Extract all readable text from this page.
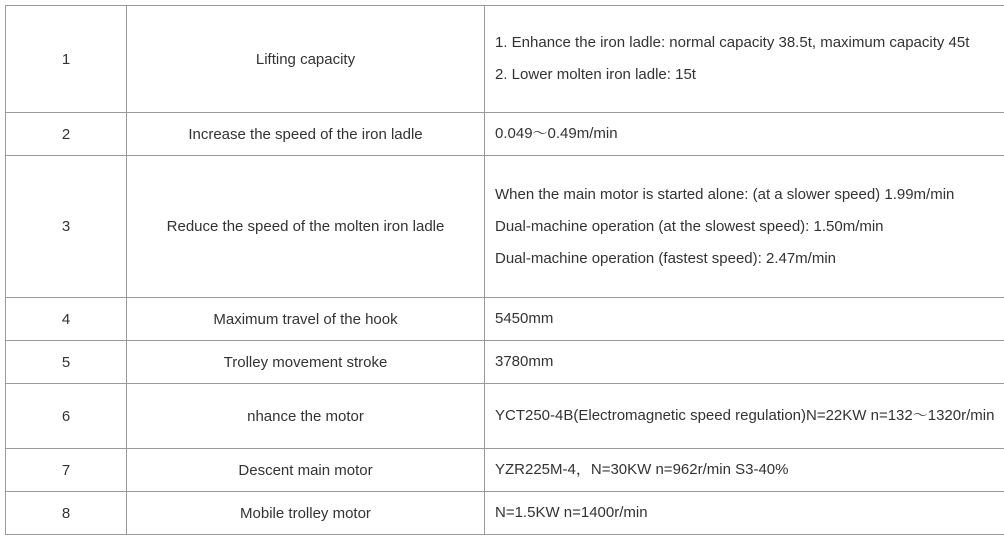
1	Lifting capacity	1. Enhance the iron ladle: normal capacity 38.5t, maximum capacity 45t

2. Lower molten iron ladle: 15t

2	Increase the speed of the iron ladle	0.049～0.49m/min

3	Reduce the speed of the molten iron ladle	When the main motor is started alone: (at a slower speed) 1.99m/min

Dual-machine operation (at the slowest speed): 1.50m/min

Dual-machine operation (fastest speed): 2.47m/min

4	Maximum travel of the hook	5450mm

5	Trolley movement stroke	3780mm

6	nhance the motor	YCT250-4B(Electromagnetic speed regulation)N=22KW n=132～1320r/min

7	Descent main motor	YZR225M-4，N=30KW n=962r/min S3-40%

8	Mobile trolley motor	N=1.5KW n=1400r/min
